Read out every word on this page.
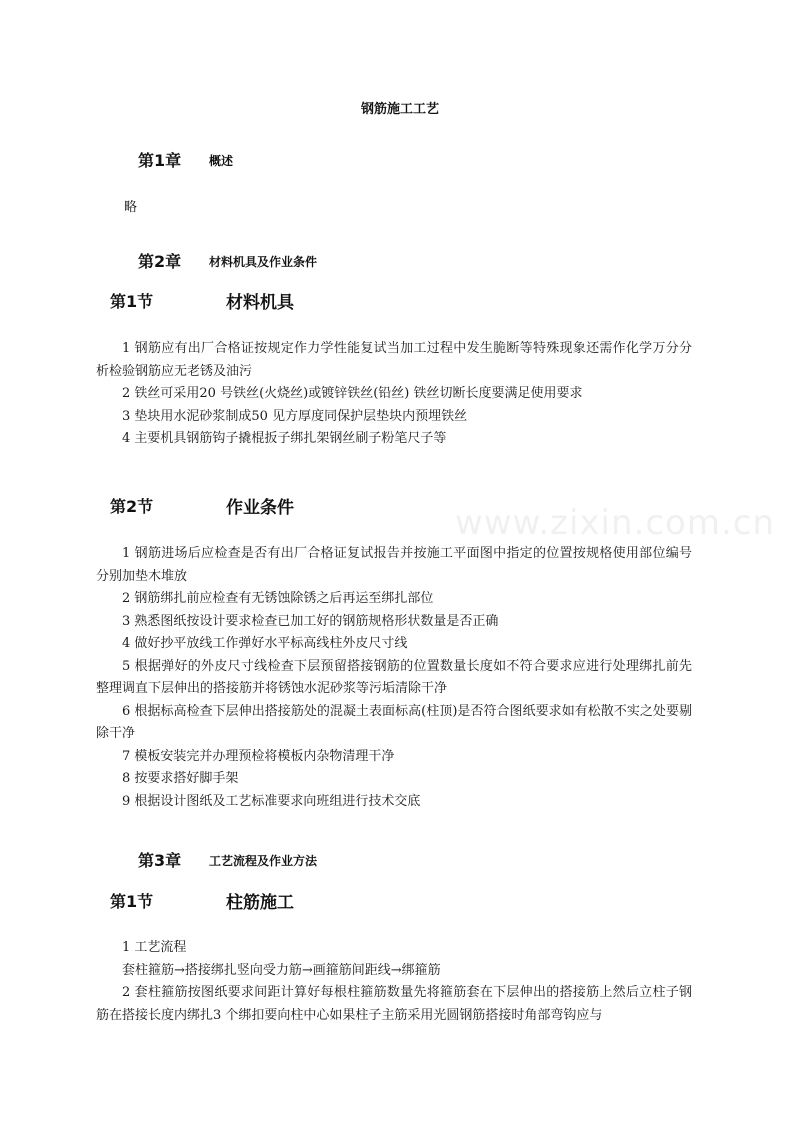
www.zixin.com.cn
钢筋施工工艺
第1章 概述
略
第2章 材料机具及作业条件
第1节	材料机具

1 钢筋应有出厂合格证按规定作力学性能复试当加工过程中发生脆断等特殊现象还需作化学万分分析检验钢筋应无老锈及油污

2 铁丝可采用20 号铁丝(火烧丝)或镀锌铁丝(铅丝) 铁丝切断长度要满足使用要求

3 垫块用水泥砂浆制成50 见方厚度同保护层垫块内预埋铁丝

4 主要机具钢筋钩子撬棍扳子绑扎架钢丝刷子粉笔尺子等

第2节	作业条件

1 钢筋进场后应检查是否有出厂合格证复试报告并按施工平面图中指定的位置按规格使用部位编号分别加垫木堆放

2 钢筋绑扎前应检查有无锈蚀除锈之后再运至绑扎部位

3 熟悉图纸按设计要求检查已加工好的钢筋规格形状数量是否正确

4 做好抄平放线工作弹好水平标高线柱外皮尺寸线

5 根据弹好的外皮尺寸线检查下层预留搭接钢筋的位置数量长度如不符合要求应进行处理绑扎前先整理调直下层伸出的搭接筋并将锈蚀水泥砂浆等污垢清除干净

6 根据标高检查下层伸出搭接筋处的混凝土表面标高(柱顶)是否符合图纸要求如有松散不实之处要剔除干净

7 模板安装完并办理预检将模板内杂物清理干净

8 按要求搭好脚手架

9 根据设计图纸及工艺标准要求向班组进行技术交底

第3章 工艺流程及作业方法
第1节	柱筋施工

1 工艺流程

套柱箍筋→搭接绑扎竖向受力筋→画箍筋间距线→绑箍筋

2 套柱箍筋按图纸要求间距计算好每根柱箍筋数量先将箍筋套在下层伸出的搭接筋上然后立柱子钢筋在搭接长度内绑扎3 个绑扣要向柱中心如果柱子主筋采用光圆钢筋搭接时角部弯钩应与
